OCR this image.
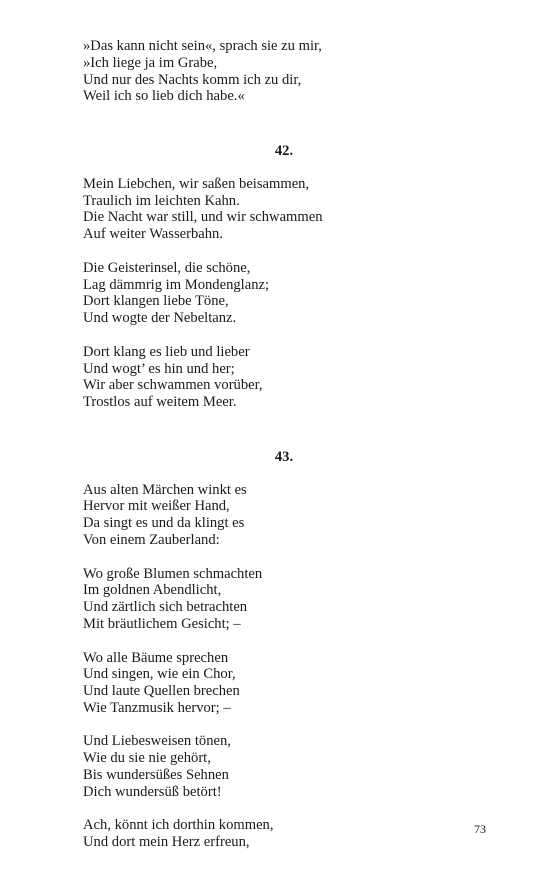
»Das kann nicht sein«, sprach sie zu mir,

»Ich liege ja im Grabe,

Und nur des Nachts komm ich zu dir,

Weil ich so lieb dich habe.«

42.

Mein Liebchen, wir saßen beisammen,

Traulich im leichten Kahn.

Die Nacht war still, und wir schwammen

Auf weiter Wasserbahn.

Die Geisterinsel, die schöne,

Lag dämmrig im Mondenglanz;

Dort klangen liebe Töne,

Und wogte der Nebeltanz.

Dort klang es lieb und lieber

Und wogt’ es hin und her;

Wir aber schwammen vorüber,

Trostlos auf weitem Meer.

43.

Aus alten Märchen winkt es

Hervor mit weißer Hand,

Da singt es und da klingt es

Von einem Zauberland:

Wo große Blumen schmachten

Im goldnen Abendlicht,

Und zärtlich sich betrachten

Mit bräutlichem Gesicht; –

Wo alle Bäume sprechen

Und singen, wie ein Chor,

Und laute Quellen brechen

Wie Tanzmusik hervor; –

Und Liebesweisen tönen,

Wie du sie nie gehört,

Bis wundersüßes Sehnen

Dich wundersüß betört!

Ach, könnt ich dorthin kommen,

Und dort mein Herz erfreun,

73
